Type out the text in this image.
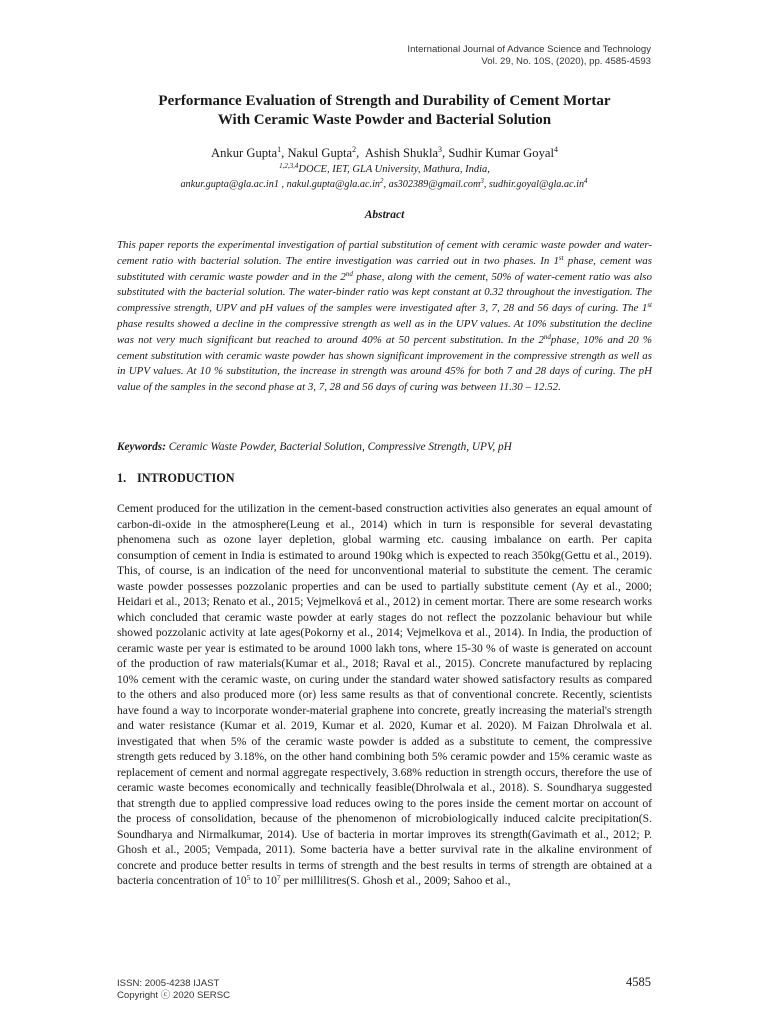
International Journal of Advance Science and Technology
Vol. 29, No. 10S, (2020), pp. 4585-4593
Performance Evaluation of Strength and Durability of Cement Mortar
With Ceramic Waste Powder and Bacterial Solution
Ankur Gupta$^1$, Nakul Gupta$^2$,  Ashish Shukla$^3$, Sudhir Kumar Goyal$^4$
$^{1,2,3,4}$DOCE, IET, GLA University, Mathura, India,
ankur.gupta@gla.ac.in1 , $nakul.gupta@gla.ac.in^2$, as302389@gmail.com$^3$, $sudhir.goyal@gla.ac.in^4$
Abstract
This paper reports the experimental investigation of partial substitution of cement with ceramic waste powder and water-cement ratio with bacterial solution. The entire investigation was carried out in two phases. In 1st phase, cement was substituted with ceramic waste powder and in the 2nd phase, along with the cement, 50% of water-cement ratio was also substituted with the bacterial solution. The water-binder ratio was kept constant at 0.32 throughout the investigation. The compressive strength, UPV and pH values of the samples were investigated after 3, 7, 28 and 56 days of curing. The 1st phase results showed a decline in the compressive strength as well as in the UPV values. At 10% substitution the decline was not very much significant but reached to around 40% at 50 percent substitution. In the 2ndphase, 10% and 20 % cement substitution with ceramic waste powder has shown significant improvement in the compressive strength as well as in UPV values. At 10 % substitution, the increase in strength was around 45% for both 7 and 28 days of curing. The pH value of the samples in the second phase at 3, 7, 28 and 56 days of curing was between 11.30 – 12.52.
Keywords: Ceramic Waste Powder, Bacterial Solution, Compressive Strength, UPV, pH
1. INTRODUCTION
Cement produced for the utilization in the cement-based construction activities also generates an equal amount of carbon-di-oxide in the atmosphere(Leung et al., 2014) which in turn is responsible for several devastating phenomena such as ozone layer depletion, global warming etc. causing imbalance on earth. Per capita consumption of cement in India is estimated to around 190kg which is expected to reach 350kg(Gettu et al., 2019). This, of course, is an indication of the need for unconventional material to substitute the cement. The ceramic waste powder possesses pozzolanic properties and can be used to partially substitute cement (Ay et al., 2000; Heidari et al., 2013; Renato et al., 2015; Vejmelková et al., 2012) in cement mortar. There are some research works which concluded that ceramic waste powder at early stages do not reflect the pozzolanic behaviour but while showed pozzolanic activity at late ages(Pokorny et al., 2014; Vejmelkova et al., 2014). In India, the production of ceramic waste per year is estimated to be around 1000 lakh tons, where 15-30 % of waste is generated on account of the production of raw materials(Kumar et al., 2018; Raval et al., 2015). Concrete manufactured by replacing 10% cement with the ceramic waste, on curing under the standard water showed satisfactory results as compared to the others and also produced more (or) less same results as that of conventional concrete. Recently, scientists have found a way to incorporate wonder-material graphene into concrete, greatly increasing the material's strength and water resistance (Kumar et al. 2019, Kumar et al. 2020, Kumar et al. 2020). M Faizan Dhrolwala et al. investigated that when 5% of the ceramic waste powder is added as a substitute to cement, the compressive strength gets reduced by 3.18%, on the other hand combining both 5% ceramic powder and 15% ceramic waste as replacement of cement and normal aggregate respectively, 3.68% reduction in strength occurs, therefore the use of ceramic waste becomes economically and technically feasible(Dhrolwala et al., 2018). S. Soundharya suggested that strength due to applied compressive load reduces owing to the pores inside the cement mortar on account of the process of consolidation, because of the phenomenon of microbiologically induced calcite precipitation(S. Soundharya and Nirmalkumar, 2014). Use of bacteria in mortar improves its strength(Gavimath et al., 2012; P. Ghosh et al., 2005; Vempada, 2011). Some bacteria have a better survival rate in the alkaline environment of concrete and produce better results in terms of strength and the best results in terms of strength are obtained at a bacteria concentration of $10^5$ to $10^7$ per millilitres(S. Ghosh et al., 2009; Sahoo et al.,
ISSN: 2005-4238 IJAST
Copyright ⓒ 2020 SERSC
4585
